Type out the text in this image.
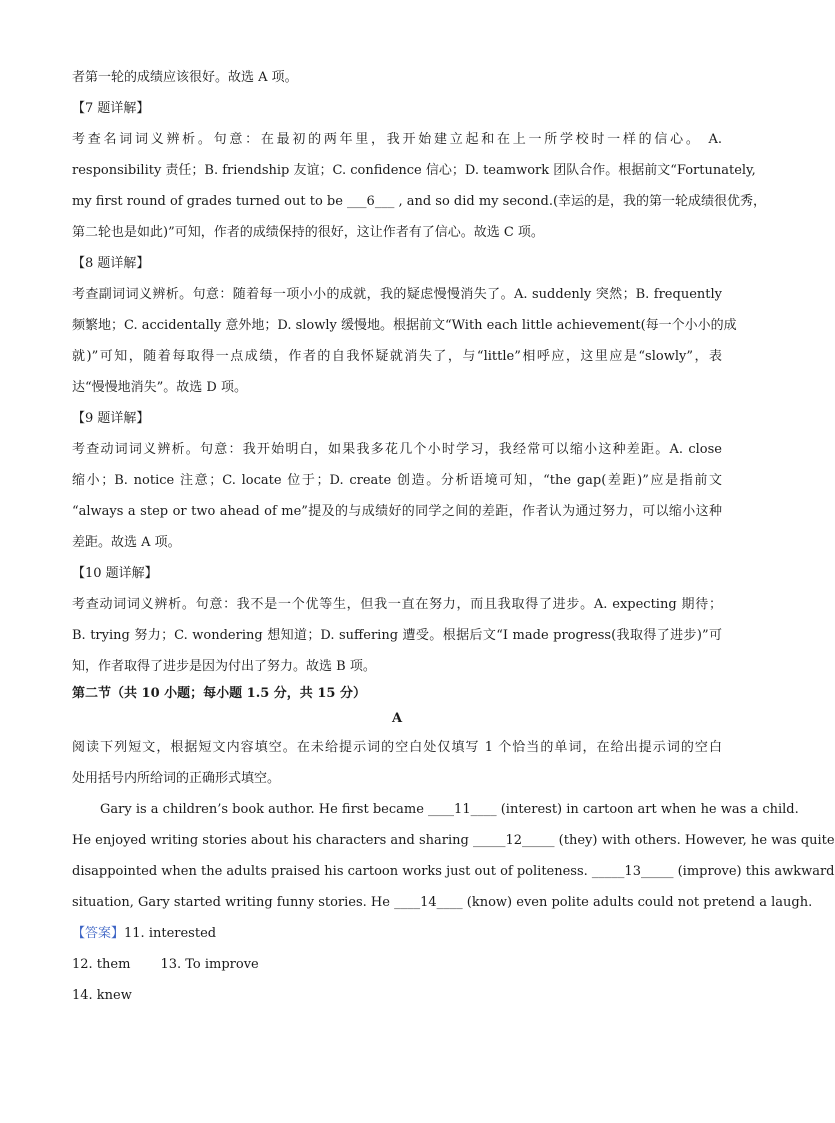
者第一轮的成绩应该很好。故选 A 项。
【7 题详解】
考查名词词义辨析。句意：在最初的两年里，我开始建立起和在上一所学校时一样的信心。 A.
responsibility 责任；B. friendship 友谊；C. confidence 信心；D. teamwork 团队合作。根据前文“Fortunately,
my first round of grades turned out to be ___6___ , and so did my second.(幸运的是，我的第一轮成绩很优秀，
第二轮也是如此)”可知，作者的成绩保持的很好，这让作者有了信心。故选 C 项。
【8 题详解】
考查副词词义辨析。句意：随着每一项小小的成就，我的疑虑慢慢消失了。A. suddenly 突然；B. frequently
频繁地；C. accidentally 意外地；D. slowly 缓慢地。根据前文“With each little achievement(每一个小小的成
就)”可知，随着每取得一点成绩，作者的自我怀疑就消失了，与“little”相呼应，这里应是“slowly”，表
达“慢慢地消失”。故选 D 项。
【9 题详解】
考查动词词义辨析。句意：我开始明白，如果我多花几个小时学习，我经常可以缩小这种差距。A. close
缩小；B. notice 注意；C. locate 位于；D. create 创造。分析语境可知，“the gap(差距)”应是指前文
“always a step or two ahead of me”提及的与成绩好的同学之间的差距，作者认为通过努力，可以缩小这种
差距。故选 A 项。
【10 题详解】
考查动词词义辨析。句意：我不是一个优等生，但我一直在努力，而且我取得了进步。A. expecting 期待；
B. trying 努力；C. wondering 想知道；D. suffering 遭受。根据后文“I made progress(我取得了进步)”可
知，作者取得了进步是因为付出了努力。故选 B 项。
第二节（共 10 小题；每小题 1.5 分，共 15 分）
A
阅读下列短文，根据短文内容填空。在未给提示词的空白处仅填写 1 个恰当的单词，在给出提示词的空白
处用括号内所给词的正确形式填空。
Gary is a children’s book author. He first became ____11____ (interest) in cartoon art when he was a child.
He enjoyed writing stories about his characters and sharing _____12_____ (they) with others. However, he was quite
disappointed when the adults praised his cartoon works just out of politeness. _____13_____ (improve) this awkward
situation, Gary started writing funny stories. He ____14____ (know) even polite adults could not pretend a laugh.
【答案】11. interested
12. them 13. To improve
14. knew
